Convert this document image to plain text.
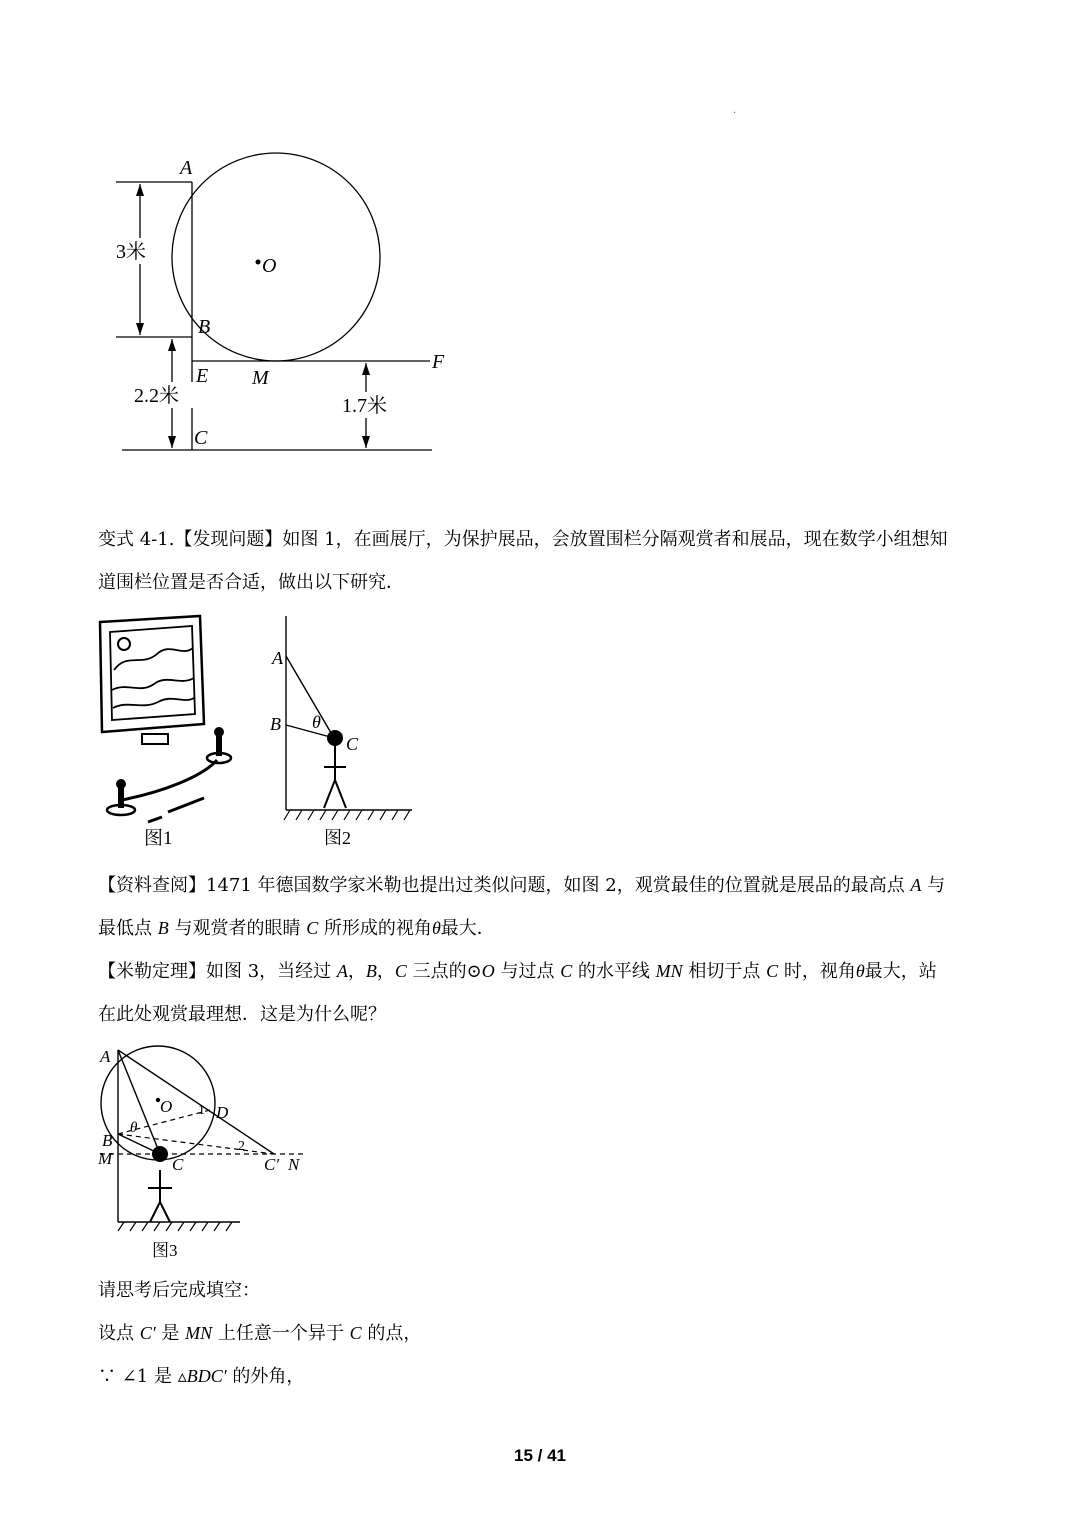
·
A
O
B
E M
F
C
3米
2.2米	1.7米
变式 4-1.【发现问题】如图 1，在画展厅，为保护展品，会放置围栏分隔观赏者和展品，现在数学小组想知
道围栏位置是否合适，做出以下研究．
图1
A
B
C
θ
图2
【资料查阅】1471 年德国数学家米勒也提出过类似问题，如图 2，观赏最佳的位置就是展品的最高点 A 与
最低点 B 与观赏者的眼睛 C 所形成的视角θ最大．
【米勒定理】如图 3，当经过 A，B，C 三点的⊙O 与过点 C 的水平线 MN 相切于点 C 时，视角θ最大，站
在此处观赏最理想．这是为什么呢？
A
O	D
B
M	C	C′ N
θ
1
2
图3
请思考后完成填空：
设点 C′ 是 MN 上任意一个异于 C 的点，
∵ ∠1 是 ▵BDC′ 的外角，
15 / 41
